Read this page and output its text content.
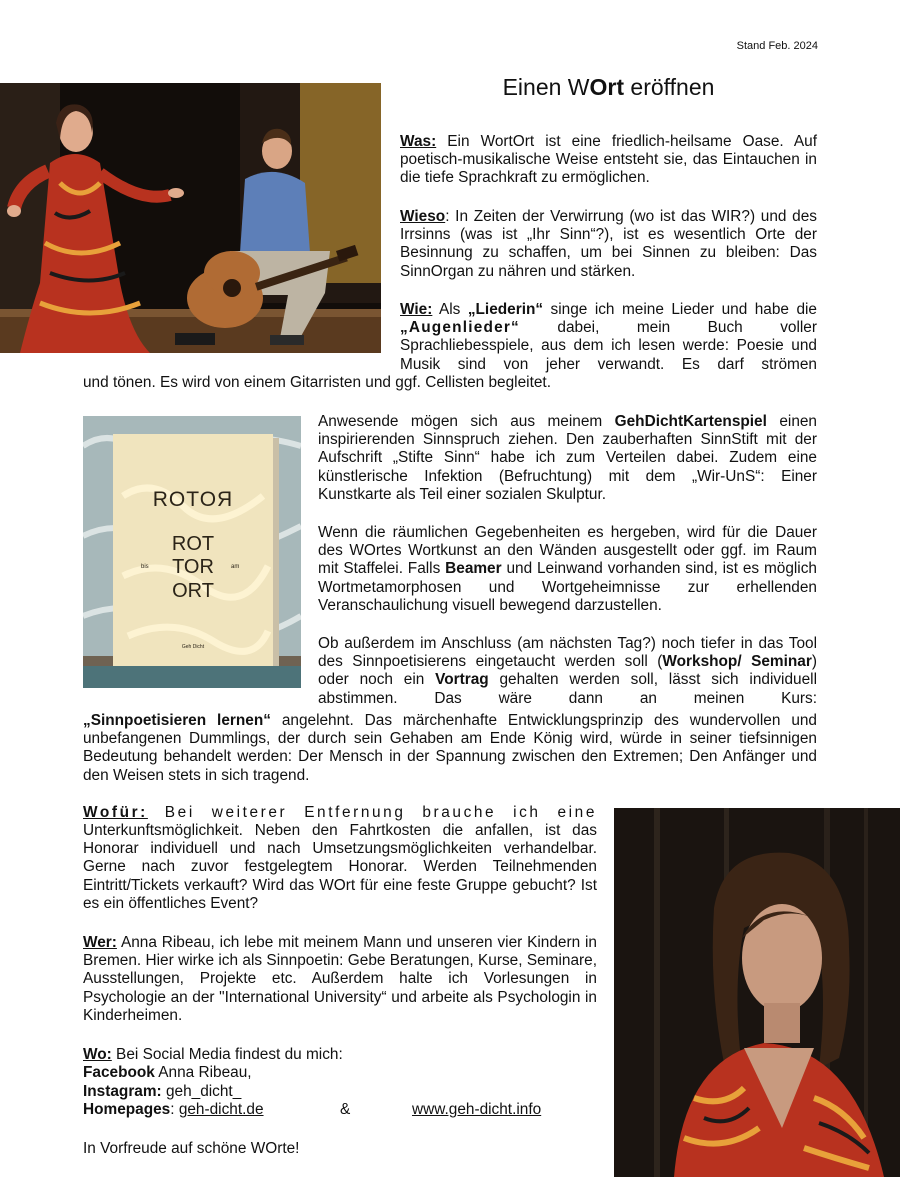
Stand Feb. 2024
Einen WOrt eröffnen
ROTOЯ
ROT
TOR
ORT
bis	am
Geh Dicht

Was: Ein WortOrt ist eine friedlich-heilsame Oase. Auf poetisch-musikalische Weise entsteht sie, das Eintauchen in die tiefe Sprachkraft zu ermöglichen.

Wieso: In Zeiten der Verwirrung (wo ist das WIR?) und des Irrsinns (was ist „Ihr Sinn“?), ist es wesentlich Orte der Besinnung zu schaffen, um bei Sinnen zu bleiben: Das SinnOrgan zu nähren und stärken.

Wie: Als „Liederin“ singe ich meine Lieder und habe die „Augenlieder“ dabei, mein Buch voller Sprachliebesspiele, aus dem ich lesen werde: Poesie und Musik sind von jeher verwandt. Es darf strömen

und tönen. Es wird von einem Gitarristen und ggf. Cellisten begleitet.

Anwesende mögen sich aus meinem GehDichtKartenspiel einen inspirierenden Sinnspruch ziehen. Den zauberhaften SinnStift mit der Aufschrift „Stifte Sinn“ habe ich zum Verteilen dabei. Zudem eine künstlerische Infektion (Befruchtung) mit dem „Wir-UnS“: Einer Kunstkarte als Teil einer sozialen Skulptur.

Wenn die räumlichen Gegebenheiten es hergeben, wird für die Dauer des WOrtes Wortkunst an den Wänden ausgestellt oder ggf. im Raum mit Staffelei. Falls Beamer und Leinwand vorhanden sind, ist es möglich Wortmetamorphosen und Wortgeheimnisse zur erhellenden Veranschaulichung visuell bewegend darzustellen.

Ob außerdem im Anschluss (am nächsten Tag?) noch tiefer in das Tool des Sinnpoetisierens eingetaucht werden soll (Workshop/ Seminar) oder noch ein Vortrag gehalten werden soll, lässt sich individuell abstimmen. Das wäre dann an meinen Kurs:

„Sinnpoetisieren lernen“ angelehnt. Das märchenhafte Entwicklungsprinzip des wundervollen und unbefangenen Dummlings, der durch sein Gehaben am Ende König wird, würde in seiner tiefsinnigen Bedeutung behandelt werden: Der Mensch in der Spannung zwischen den Extremen; Den Anfänger und den Weisen stets in sich tragend.

Wofür: Bei weiterer Entfernung brauche ich eine

Unterkunftsmöglichkeit. Neben den Fahrtkosten die anfallen, ist das Honorar individuell und nach Umsetzungsmöglichkeiten verhandelbar. Gerne nach zuvor festgelegtem Honorar. Werden Teilnehmenden Eintritt/Tickets verkauft? Wird das WOrt für eine feste Gruppe gebucht? Ist es ein öffentliches Event?

Wer: Anna Ribeau, ich lebe mit meinem Mann und unseren vier Kindern in Bremen. Hier wirke ich als Sinnpoetin: Gebe Beratungen, Kurse, Seminare, Ausstellungen, Projekte etc. Außerdem halte ich Vorlesungen in Psychologie an der "International University“ und arbeite als Psychologin in Kinderheimen.

Wo: Bei Social Media findest du mich:
Facebook Anna Ribeau,
Instagram: geh_dicht_
Homepages: geh-dicht.de	&	www.geh-dicht.info
In Vorfreude auf schöne WOrte!
